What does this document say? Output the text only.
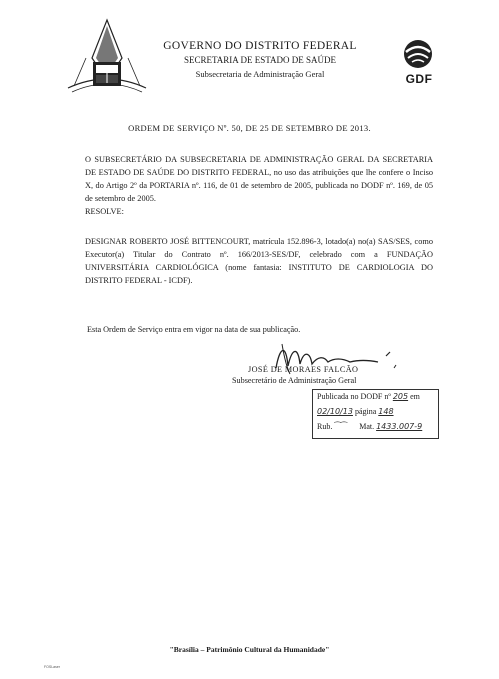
GOVERNO DO DISTRITO FEDERAL
SECRETARIA DE ESTADO DE SAÚDE
Subsecretaria de Administração Geral	GDF
ORDEM DE SERVIÇO Nº. 50, DE 25 DE SETEMBRO DE 2013.
O SUBSECRETÁRIO DA SUBSECRETARIA DE ADMINISTRAÇÃO GERAL DA SECRETARIA DE ESTADO DE SAÚDE DO DISTRITO FEDERAL, no uso das atribuições que lhe confere o Inciso X, do Artigo 2º da PORTARIA nº. 116, de 01 de setembro de 2005, publicada no DODF nº. 169, de 05 de setembro de 2005.
RESOLVE:
DESIGNAR ROBERTO JOSÉ BITTENCOURT, matrícula 152.896-3, lotado(a) no(a) SAS/SES, como Executor(a) Titular do Contrato nº. 166/2013-SES/DF, celebrado com a FUNDAÇÃO UNIVERSITÁRIA CARDIOLÓGICA (nome fantasia: INSTITUTO DE CARDIOLOGIA DO DISTRITO FEDERAL - ICDF).
Esta Ordem de Serviço entra em vigor na data de sua publicação.
JOSÉ DE MORAES FALCÃO
Subsecretário de Administração Geral
Publicada no DODF nº 205 em
02/10/13 página 148
Rub. ⁀⁀ Mat. 1433.007-9
"Brasília – Patrimônio Cultural da Humanidade"
FOSLaser
